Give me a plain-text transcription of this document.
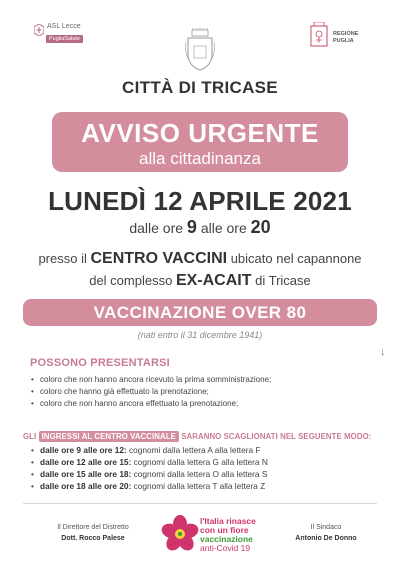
ASL Lecce
PugliaSalute
REGIONE
PUGLIA
CITTÀ DI TRICASE
AVVISO URGENTE
alla cittadinanza
LUNEDÌ 12 APRILE 2021
dalle ore 9 alle ore 20
presso il CENTRO VACCINI ubicato nel capannone
del complesso EX-ACAIT di Tricase
VACCINAZIONE OVER 80
(nati entro il 31 dicembre 1941)
↓
POSSONO PRESENTARSI
• coloro che non hanno ancora ricevuto la prima somministrazione;
• coloro che hanno già effettuato la prenotazione;
• coloro che non hanno ancora effettuato la prenotazione;
GLI INGRESSI AL CENTRO VACCINALE SARANNO SCAGLIONATI NEL SEGUENTE MODO:
• dalle ore 9 alle ore 12: cognomi dalla lettera A alla lettera F
• dalle ore 12 alle ore 15: cognomi dalla lettera G alla lettera N
• dalle ore 15 alle ore 18: cognomi dalla lettera O alla lettera S
• dalle ore 18 alle ore 20: cognomi dalla lettera T alla lettera Z
Il Direttore del Distretto
Dott. Rocco Palese
l'Italia rinasce
con un fiore
vaccinazione
anti-Covid 19
Il Sindaco
Antonio De Donno
